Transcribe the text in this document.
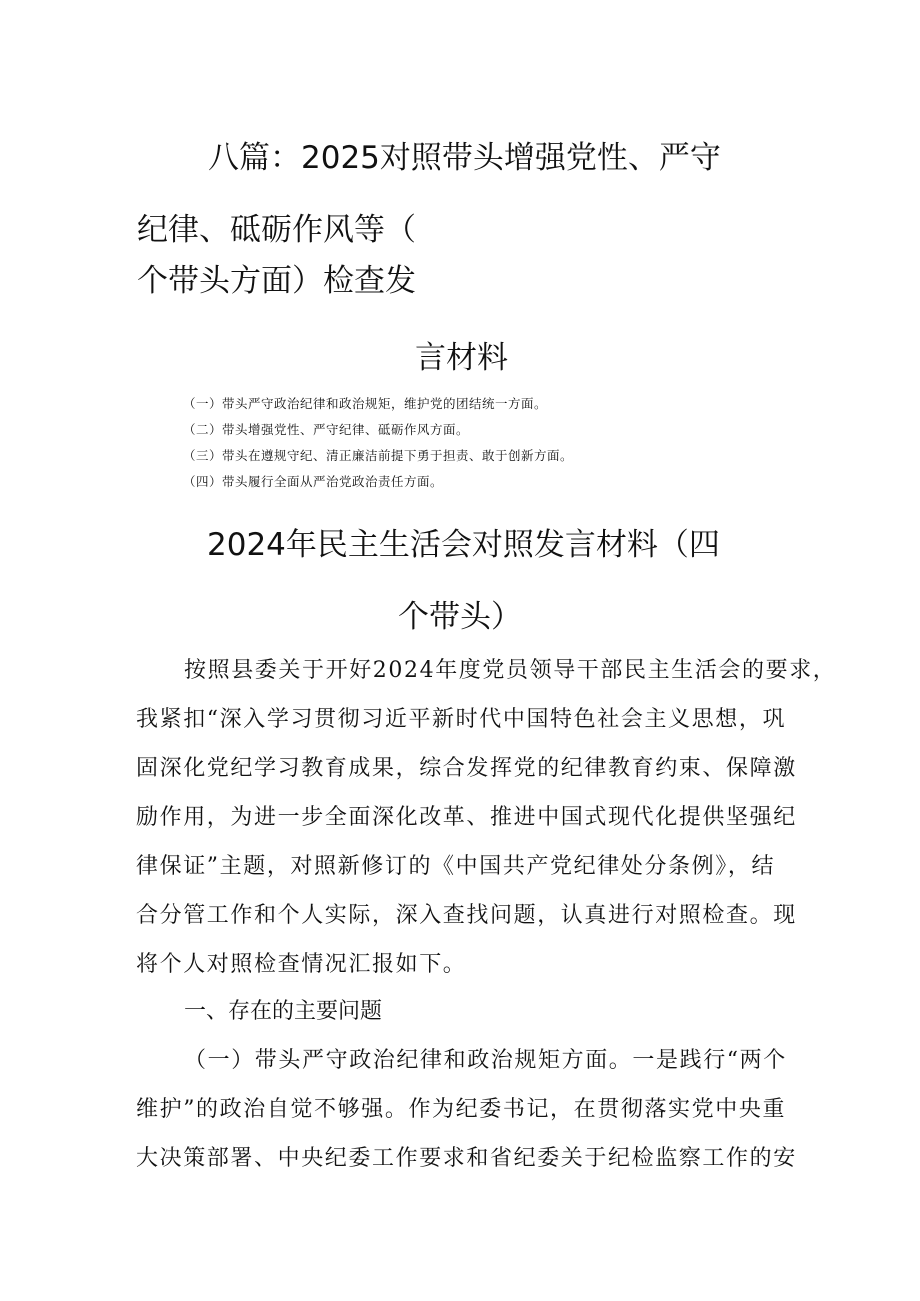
八篇：2025对照带头增强党性、严守
纪律、砥砺作风等（
个带头方面）检查发
言材料
（一）带头严守政治纪律和政治规矩，维护党的团结统一方面。
（二）带头增强党性、严守纪律、砥砺作风方面。
（三）带头在遵规守纪、清正廉洁前提下勇于担责、敢于创新方面。
（四）带头履行全面从严治党政治责任方面。
2024年民主生活会对照发言材料（四
个带头）
按照县委关于开好2024年度党员领导干部民主生活会的要求，
我紧扣“深入学习贯彻习近平新时代中国特色社会主义思想，巩
固深化党纪学习教育成果，综合发挥党的纪律教育约束、保障激
励作用，为进一步全面深化改革、推进中国式现代化提供坚强纪
律保证”主题，对照新修订的《中国共产党纪律处分条例》，结
合分管工作和个人实际，深入查找问题，认真进行对照检查。现
将个人对照检查情况汇报如下。
一、存在的主要问题
（一）带头严守政治纪律和政治规矩方面。一是践行“两个
维护”的政治自觉不够强。作为纪委书记，在贯彻落实党中央重
大决策部署、中央纪委工作要求和省纪委关于纪检监察工作的安
